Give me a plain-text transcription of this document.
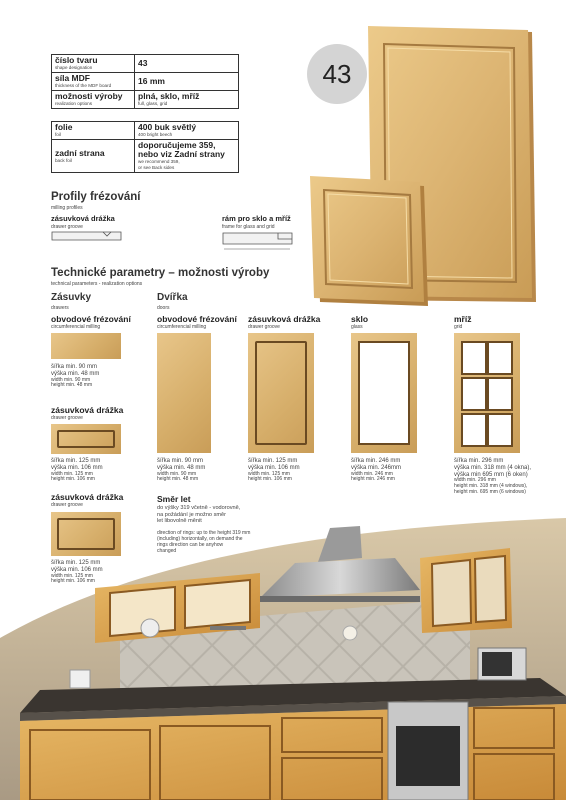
číslo tvaru
shape designation	43

síla MDF
thickness of the MDF board	16 mm

možnosti výroby
realization options	plná, sklo, mříž
full, glass, grid
folie
foil	400 buk světlý
400 bright beech

zadní strana
back foil	doporučujeme 359,
nebo viz Zadní strany
we recommend 359,
or see Back sides
43
Profily frézování
milling profiles
zásuvková drážka
drawer groove
rám pro sklo a mříž
frame for glass and grid
Technické parametry – možnosti výroby
technical parameters - realization options
Zásuvky
drawers
Dvířka
doors
obvodové frézování
circumferencial milling
šířka min. 90 mm
výška min. 48 mm
width min. 90 mm
height min. 48 mm
zásuvková drážka
drawer groove
šířka min. 125 mm
výška min. 106 mm
width min. 125 mm
height min. 106 mm
zásuvková drážka
drawer groove
šířka min. 125 mm
výška min. 106 mm
width min. 125 mm
height min. 106 mm
obvodové frézování
circumferencial milling
šířka min. 90 mm
výška min. 48 mm
width min. 90 mm
height min. 48 mm
zásuvková drážka
drawer groove
šířka min. 125 mm
výška min. 106 mm
width min. 125 mm
height min. 106 mm
sklo
glass
šířka min. 246 mm
výška min. 246mm
width min. 246 mm
height min. 246 mm
mříž
grid
šířka min. 296 mm
výška min. 318 mm (4 okna),
výška min 695 mm (6 oken)
width min. 296 mm
height min. 318 mm (4 windows),
height min. 695 mm (6 windows)
Směr let
do výšky 319 včetně - vodorovně,
na požádání je možno směr
let libovolně měnit
direction of rings: up to the height 319 mm
(including) horizontally, on demand the
rings direction can be anyhow
changed
